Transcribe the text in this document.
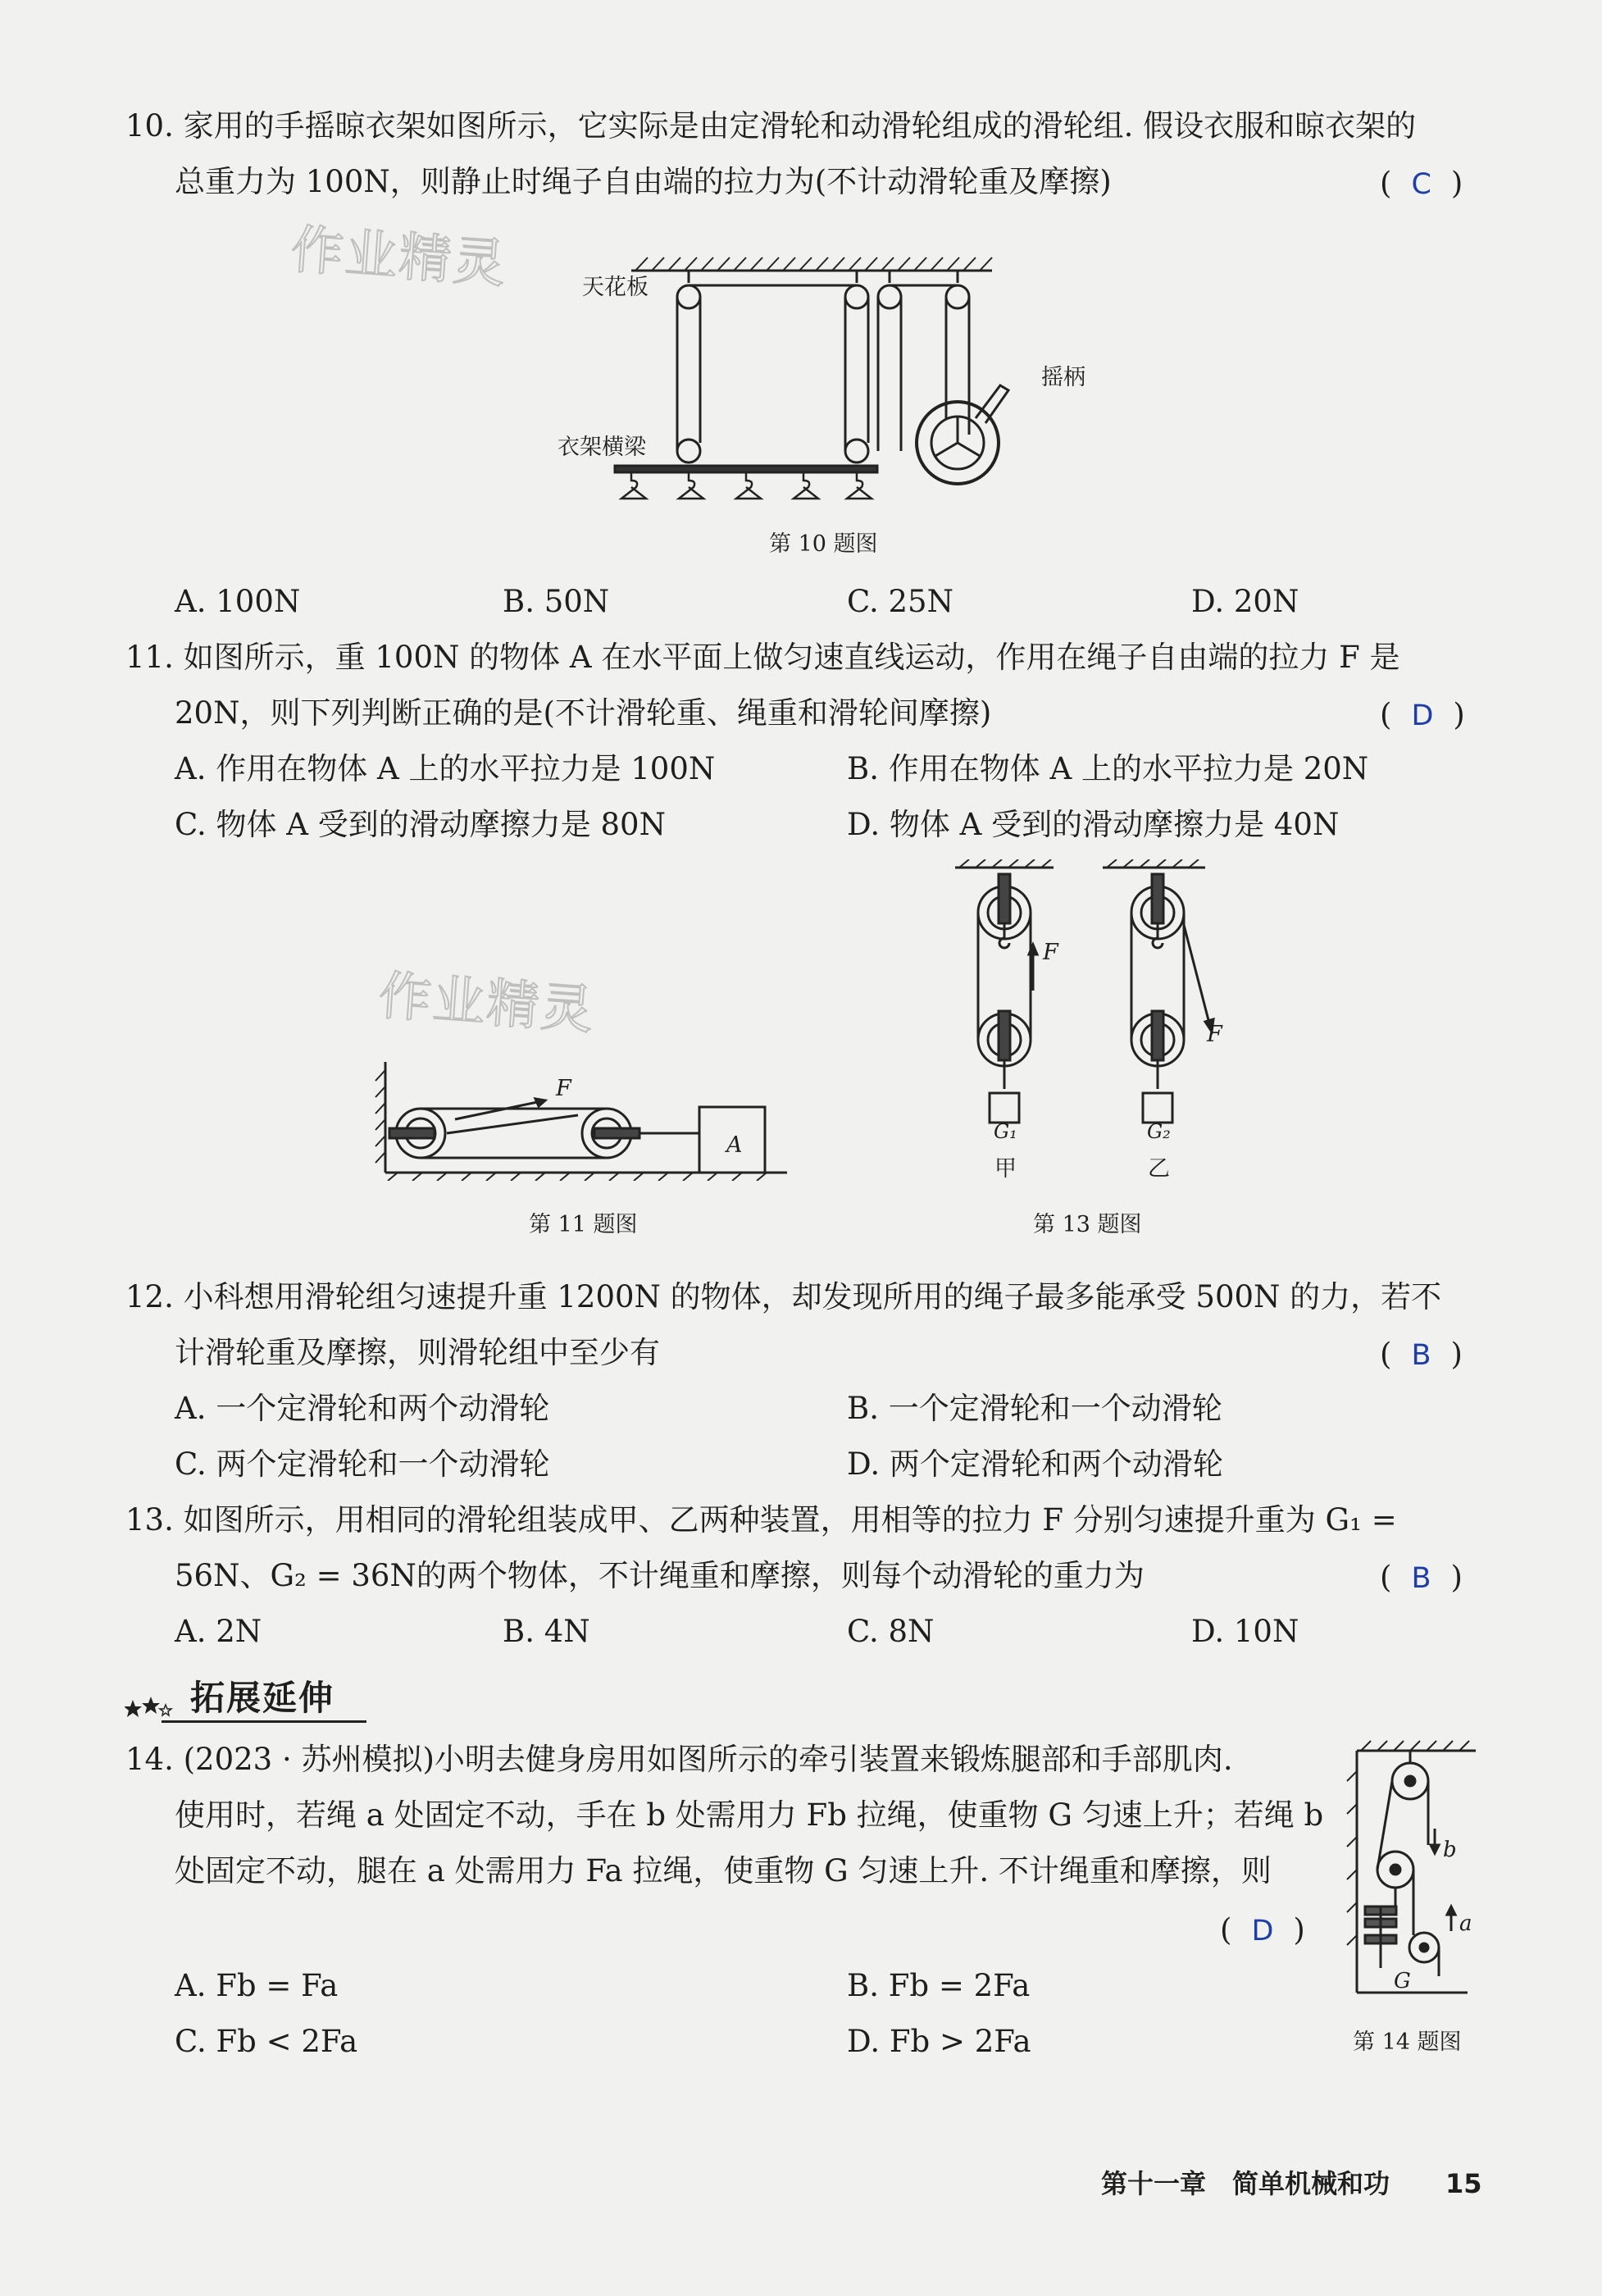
作业精灵
作业精灵
10. 家用的手摇晾衣架如图所示，它实际是由定滑轮和动滑轮组成的滑轮组. 假设衣服和晾衣架的
总重力为 100N，则静止时绳子自由端的拉力为(不计动滑轮重及摩擦)	( C )
天花板
摇柄
衣架横梁
第 10 题图
A. 100N	B. 50N	C. 25N	D. 20N
11. 如图所示，重 100N 的物体 A 在水平面上做匀速直线运动，作用在绳子自由端的拉力 F 是
20N，则下列判断正确的是(不计滑轮重、绳重和滑轮间摩擦)	( D )
A. 作用在物体 A 上的水平拉力是 100N	B. 作用在物体 A 上的水平拉力是 20N
C. 物体 A 受到的滑动摩擦力是 80N	D. 物体 A 受到的滑动摩擦力是 40N
F
A
第 11 题图
F
F
G₁	G₂
甲	乙
第 13 题图
12. 小科想用滑轮组匀速提升重 1200N 的物体，却发现所用的绳子最多能承受 500N 的力，若不
计滑轮重及摩擦，则滑轮组中至少有	( B )
A. 一个定滑轮和两个动滑轮	B. 一个定滑轮和一个动滑轮
C. 两个定滑轮和一个动滑轮	D. 两个定滑轮和两个动滑轮
13. 如图所示，用相同的滑轮组装成甲、乙两种装置，用相等的拉力 F 分别匀速提升重为 G₁ =
56N、G₂ = 36N的两个物体，不计绳重和摩擦，则每个动滑轮的重力为	( B )
A. 2N	B. 4N	C. 8N	D. 10N
拓展延伸
14. (2023 · 苏州模拟)小明去健身房用如图所示的牵引装置来锻炼腿部和手部肌肉.
使用时，若绳 a 处固定不动，手在 b 处需用力 Fb 拉绳，使重物 G 匀速上升；若绳 b
处固定不动，腿在 a 处需用力 Fa 拉绳，使重物 G 匀速上升. 不计绳重和摩擦，则
( D )
A. Fb = Fa	B. Fb = 2Fa
C. Fb < 2Fa	D. Fb > 2Fa
b
a
G
第 14 题图
第十一章　简单机械和功 15
